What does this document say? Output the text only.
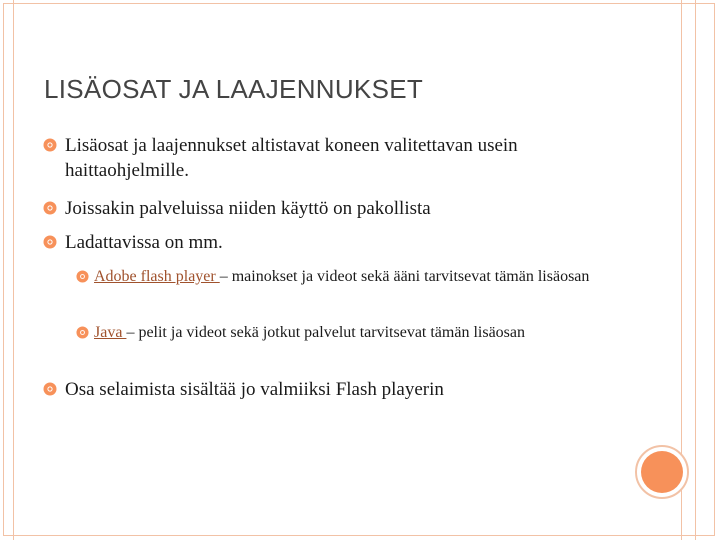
LISÄOSAT JA LAAJENNUKSET
Lisäosat ja laajennukset altistavat koneen valitettavan usein haittaohjelmille.
Joissakin palveluissa niiden käyttö on pakollista
Ladattavissa on mm.
Adobe flash player – mainokset ja videot sekä ääni tarvitsevat tämän lisäosan
Java – pelit ja videot sekä jotkut palvelut tarvitsevat tämän lisäosan
Osa selaimista sisältää jo valmiiksi Flash playerin
